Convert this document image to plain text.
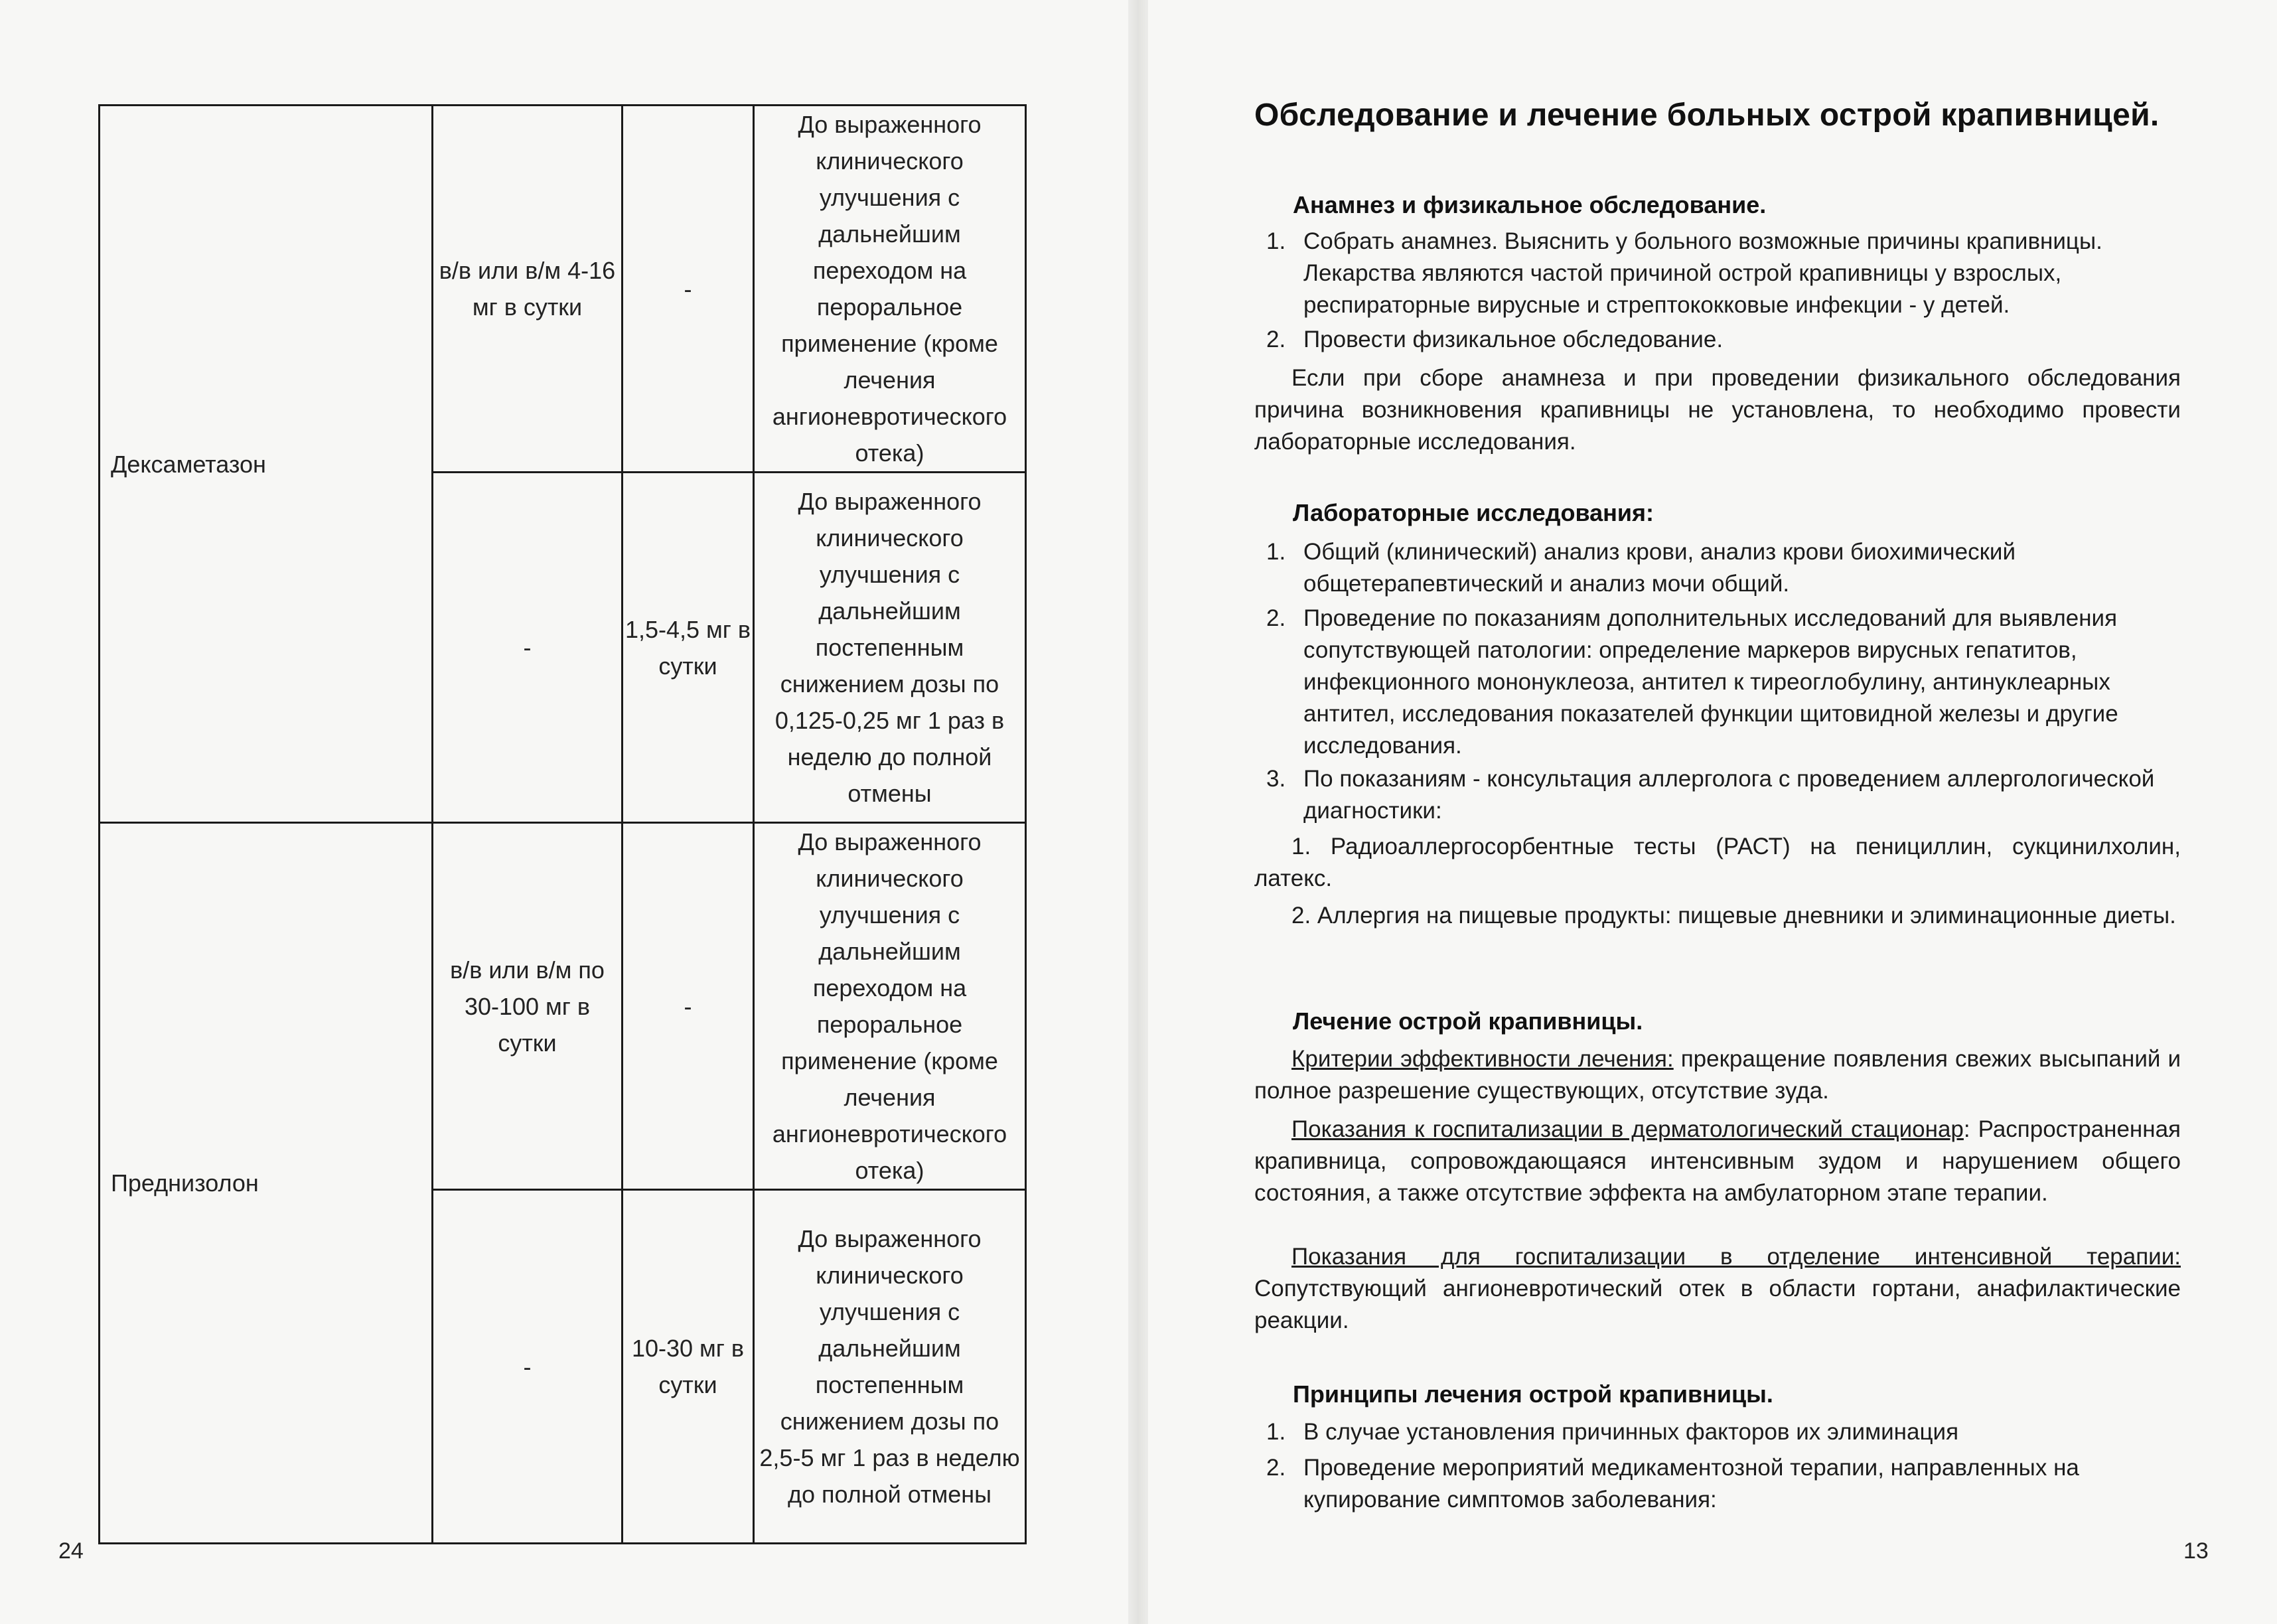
Дексаметазон	в/в или в/м 4-16 мг в сутки	-	До выраженного клинического улучшения с дальнейшим переходом на пероральное применение (кроме лечения ангионевротического отека)
	-	1,5-4,5 мг в сутки	До выраженного клинического улучшения с дальнейшим постепенным снижением дозы по 0,125-0,25 мг 1 раз в неделю до полной отмены
Преднизолон	в/в или в/м по 30-100 мг в сутки	-	До выраженного клинического улучшения с дальнейшим переходом на пероральное применение (кроме лечения ангионевротического отека)
	-	10-30 мг в сутки	До выраженного клинического улучшения с дальнейшим постепенным снижением дозы по 2,5-5 мг 1 раз в неделю до полной отмены
24
Обследование и лечение больных острой крапивницей.
Анамнез и физикальное обследование.
1. Собрать анамнез. Выяснить у больного возможные причины крапивницы. Лекарства являются частой причиной острой крапивницы у взрослых, респираторные вирусные и стрептококковые инфекции - у детей.
2. Провести физикальное обследование.
Если при сборе анамнеза и при проведении физикального обследования причина возникновения крапивницы не установлена, то необходимо провести лабораторные исследования.
Лабораторные исследования:
1. Общий (клинический) анализ крови, анализ крови биохимический общетерапевтический и анализ мочи общий.
2. Проведение по показаниям дополнительных исследований для выявления сопутствующей патологии: определение маркеров вирусных гепатитов, инфекционного мононуклеоза, антител к тиреоглобулину, антинуклеарных антител, исследования показателей функции щитовидной железы и другие исследования.
3. По показаниям - консультация аллерголога с проведением аллергологической диагностики:
1. Радиоаллергосорбентные тесты (РАСТ) на пенициллин, сукцинилхолин, латекс.
2. Аллергия на пищевые продукты: пищевые дневники и элиминационные диеты.
Лечение острой крапивницы.
Критерии эффективности лечения: прекращение появления свежих высыпаний и полное разрешение существующих, отсутствие зуда.
Показания к госпитализации в дерматологический стационар: Распространенная крапивница, сопровождающаяся интенсивным зудом и нарушением общего состояния, а также отсутствие эффекта на амбулаторном этапе терапии.
Показания для госпитализации в отделение интенсивной терапии: Сопутствующий ангионевротический отек в области гортани, анафилактические реакции.
Принципы лечения острой крапивницы.
1. В случае установления причинных факторов их элиминация
2. Проведение мероприятий медикаментозной терапии, направленных на купирование симптомов заболевания:
13
